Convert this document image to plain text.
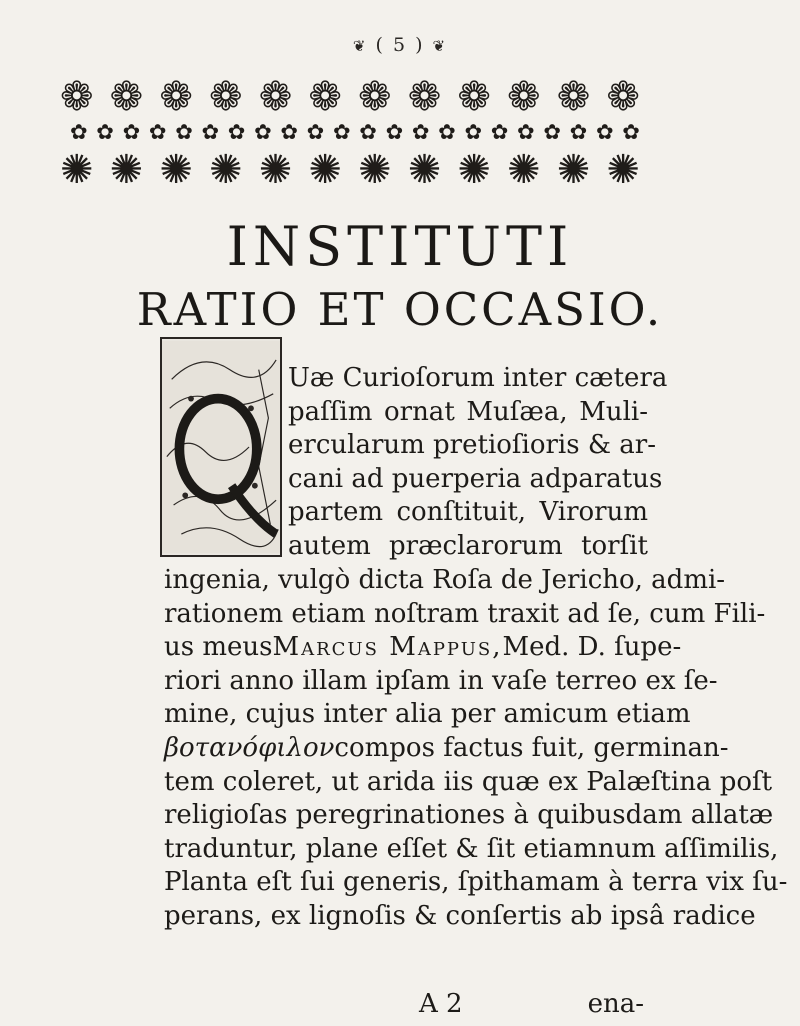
❦ ( 5 ) ❦
❁ ❁ ❁ ❁ ❁ ❁ ❁ ❁ ❁ ❁ ❁ ❁
✿ ✿ ✿ ✿ ✿ ✿ ✿ ✿ ✿ ✿ ✿ ✿ ✿ ✿ ✿ ✿ ✿ ✿ ✿ ✿ ✿ ✿
✺ ✺ ✺ ✺ ✺ ✺ ✺ ✺ ✺ ✺ ✺ ✺
INSTITUTI
RATIO ET OCCASIO.
Uæ Curioſorum inter cætera
paſſim ornat Muſæa, Muli-
ercularum pretioſioris & ar-
cani ad puerperia adparatus
partem conſtituit, Virorum
autem præclarorum torſit
ingenia, vulgò dicta Roſa de Jericho, admi-
rationem etiam noſtram traxit ad ſe, cum Fili-
us meus Marcus Mappus, Med. D. ſupe-
riori anno illam ipſam in vaſe terreo ex ſe-
mine, cujus inter alia per amicum etiam
βοτανόφιλον compos factus fuit, germinan-
tem coleret, ut arida iis quæ ex Palæſtina poſt
religioſas peregrinationes à quibusdam allatæ
traduntur, plane eſſet & ſit etiamnum aſſimilis,
Planta eſt ſui generis, ſpithamam à terra vix ſu-
perans, ex lignoſis & conſertis ab ipsâ radice
A 2	ena-
